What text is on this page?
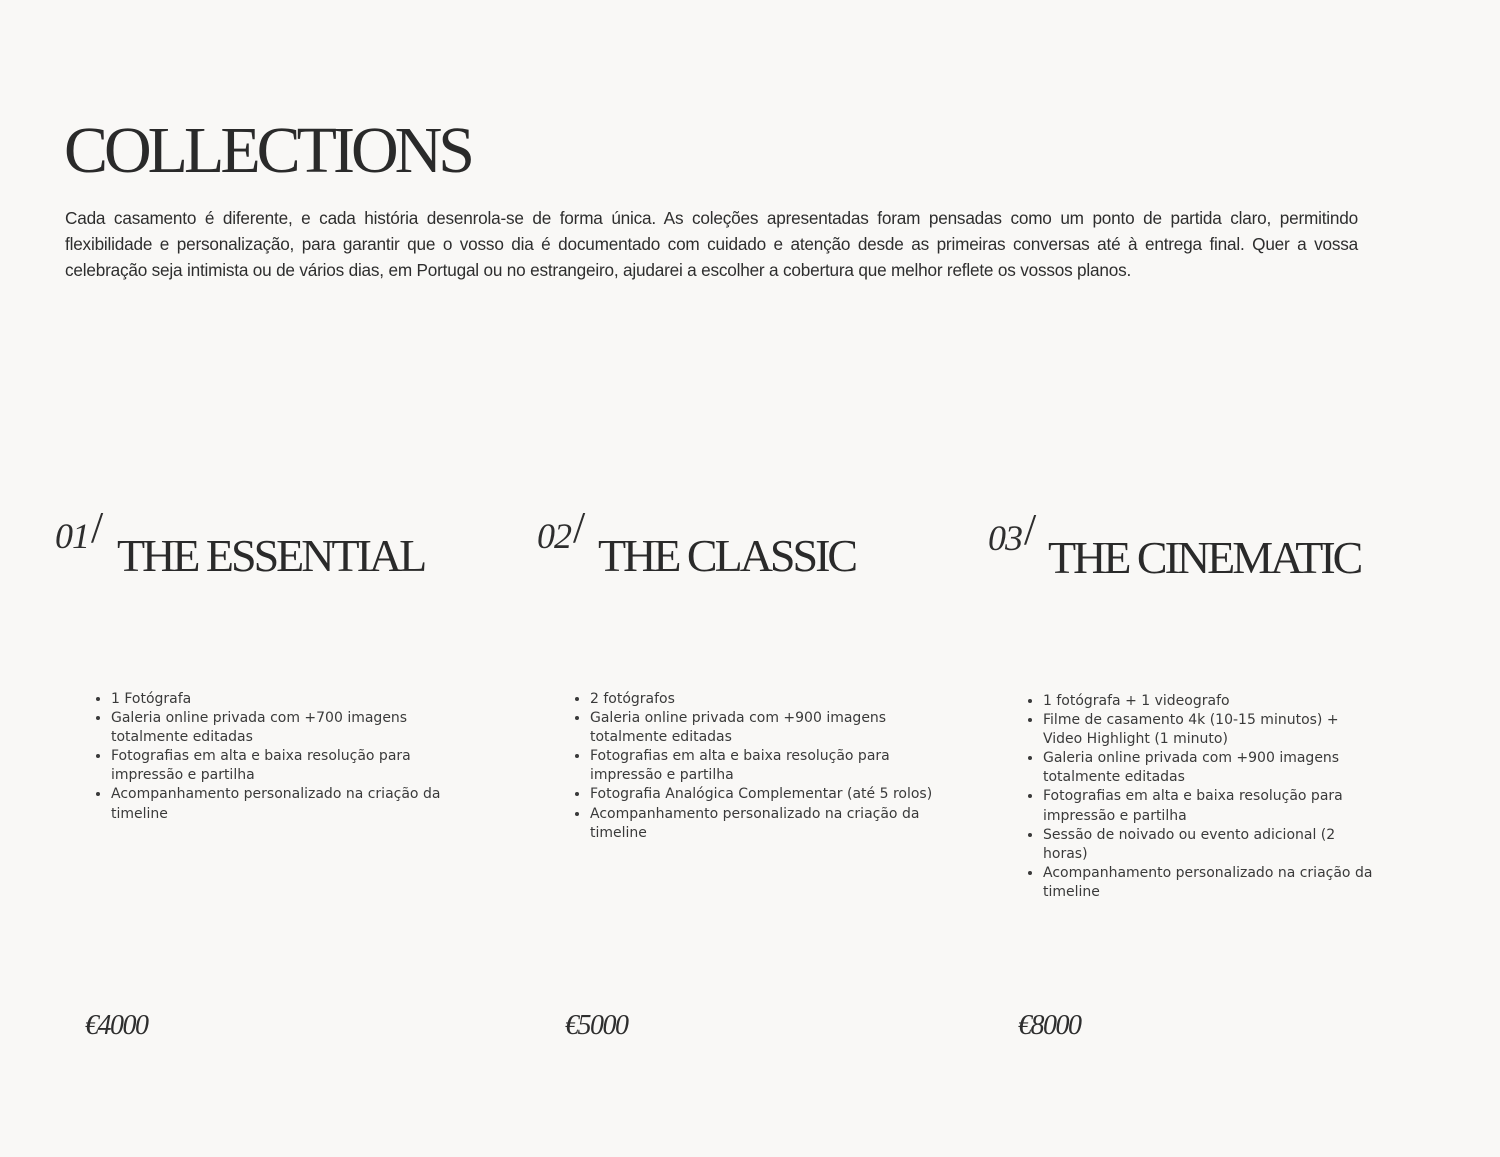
COLLECTIONS

Cada casamento é diferente, e cada história desenrola-se de forma única. As coleções apresentadas foram pensadas como um ponto de partida claro, permitindo flexibilidade e personalização, para garantir que o vosso dia é documentado com cuidado e atenção desde as primeiras conversas até à entrega final. Quer a vossa celebração seja intimista ou de vários dias, em Portugal ou no estrangeiro, ajudarei a escolher a cobertura que melhor reflete os vossos planos.

01/
THE ESSENTIAL
• 1 Fotógrafa
• Galeria online privada com +700 imagens totalmente editadas
• Fotografias em alta e baixa resolução para impressão e partilha
• Acompanhamento personalizado na criação da timeline
€4000
02/
THE CLASSIC
• 2 fotógrafos
• Galeria online privada com +900 imagens totalmente editadas
• Fotografias em alta e baixa resolução para impressão e partilha
• Fotografia Analógica Complementar (até 5 rolos)
• Acompanhamento personalizado na criação da timeline
€5000
03/
THE CINEMATIC
• 1 fotógrafa + 1 videografo
• Filme de casamento 4k (10-15 minutos) + Video Highlight (1 minuto)
• Galeria online privada com +900 imagens totalmente editadas
• Fotografias em alta e baixa resolução para impressão e partilha
• Sessão de noivado ou evento adicional (2 horas)
• Acompanhamento personalizado na criação da timeline
€8000
